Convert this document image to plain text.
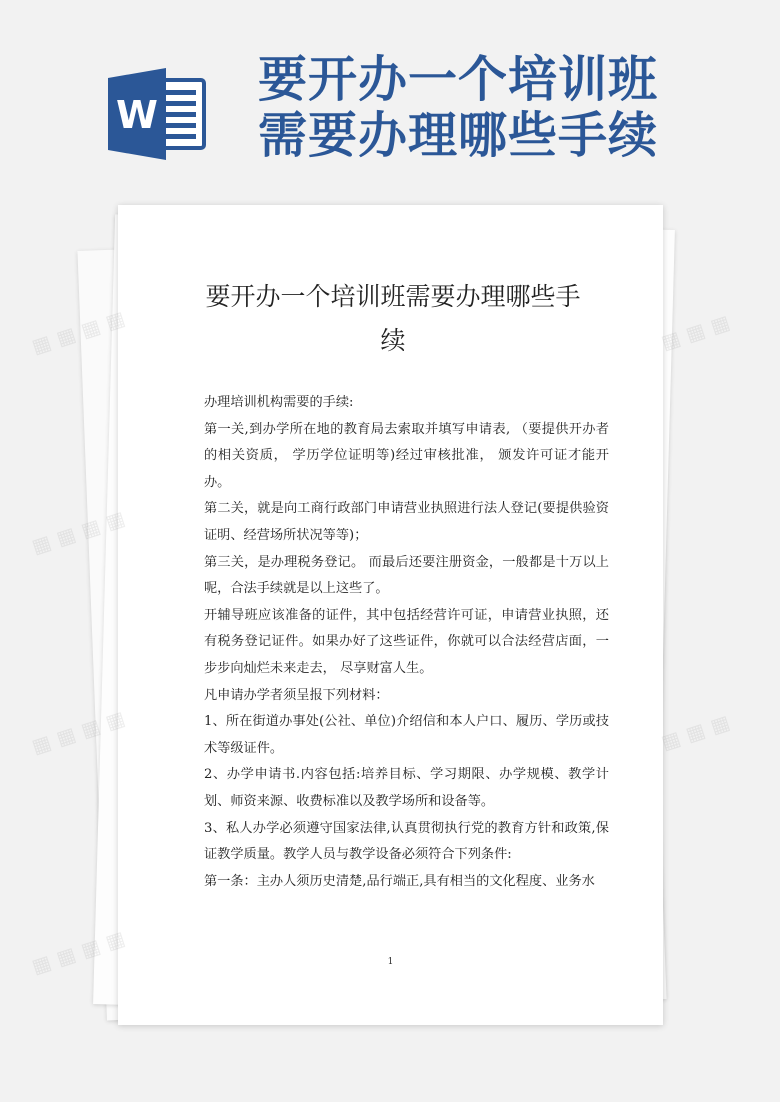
W
要开办一个培训班
需要办理哪些手续
要开办一个培训班需要办理哪些手
续

办理培训机构需要的手续:

第一关,到办学所在地的教育局去索取并填写申请表, （要提供开办者的相关资质， 学历学位证明等)经过审核批准， 颁发许可证才能开办。

第二关，就是向工商行政部门申请营业执照进行法人登记(要提供验资证明、经营场所状况等等)；

第三关，是办理税务登记。 而最后还要注册资金，一般都是十万以上呢，合法手续就是以上这些了。

开辅导班应该准备的证件，其中包括经营许可证，申请营业执照，还有税务登记证件。如果办好了这些证件，你就可以合法经营店面，一步步向灿烂未来走去， 尽享财富人生。

凡申请办学者须呈报下列材料：

1、所在街道办事处(公社、单位)介绍信和本人户口、履历、学历或技术等级证件。

2、办学申请书.内容包括:培养目标、学习期限、办学规模、教学计划、师资来源、收费标准以及教学场所和设备等。

3、私人办学必须遵守国家法律,认真贯彻执行党的教育方针和政策,保证教学质量。教学人员与教学设备必须符合下列条件:

第一条：主办人须历史清楚,品行端正,具有相当的文化程度、业务水

1
▦ ▦ ▦ ▦	▦ ▦ ▦
▦ ▦ ▦ ▦
▦ ▦ ▦ ▦
▦ ▦ ▦ ▦
▦ ▦ ▦
